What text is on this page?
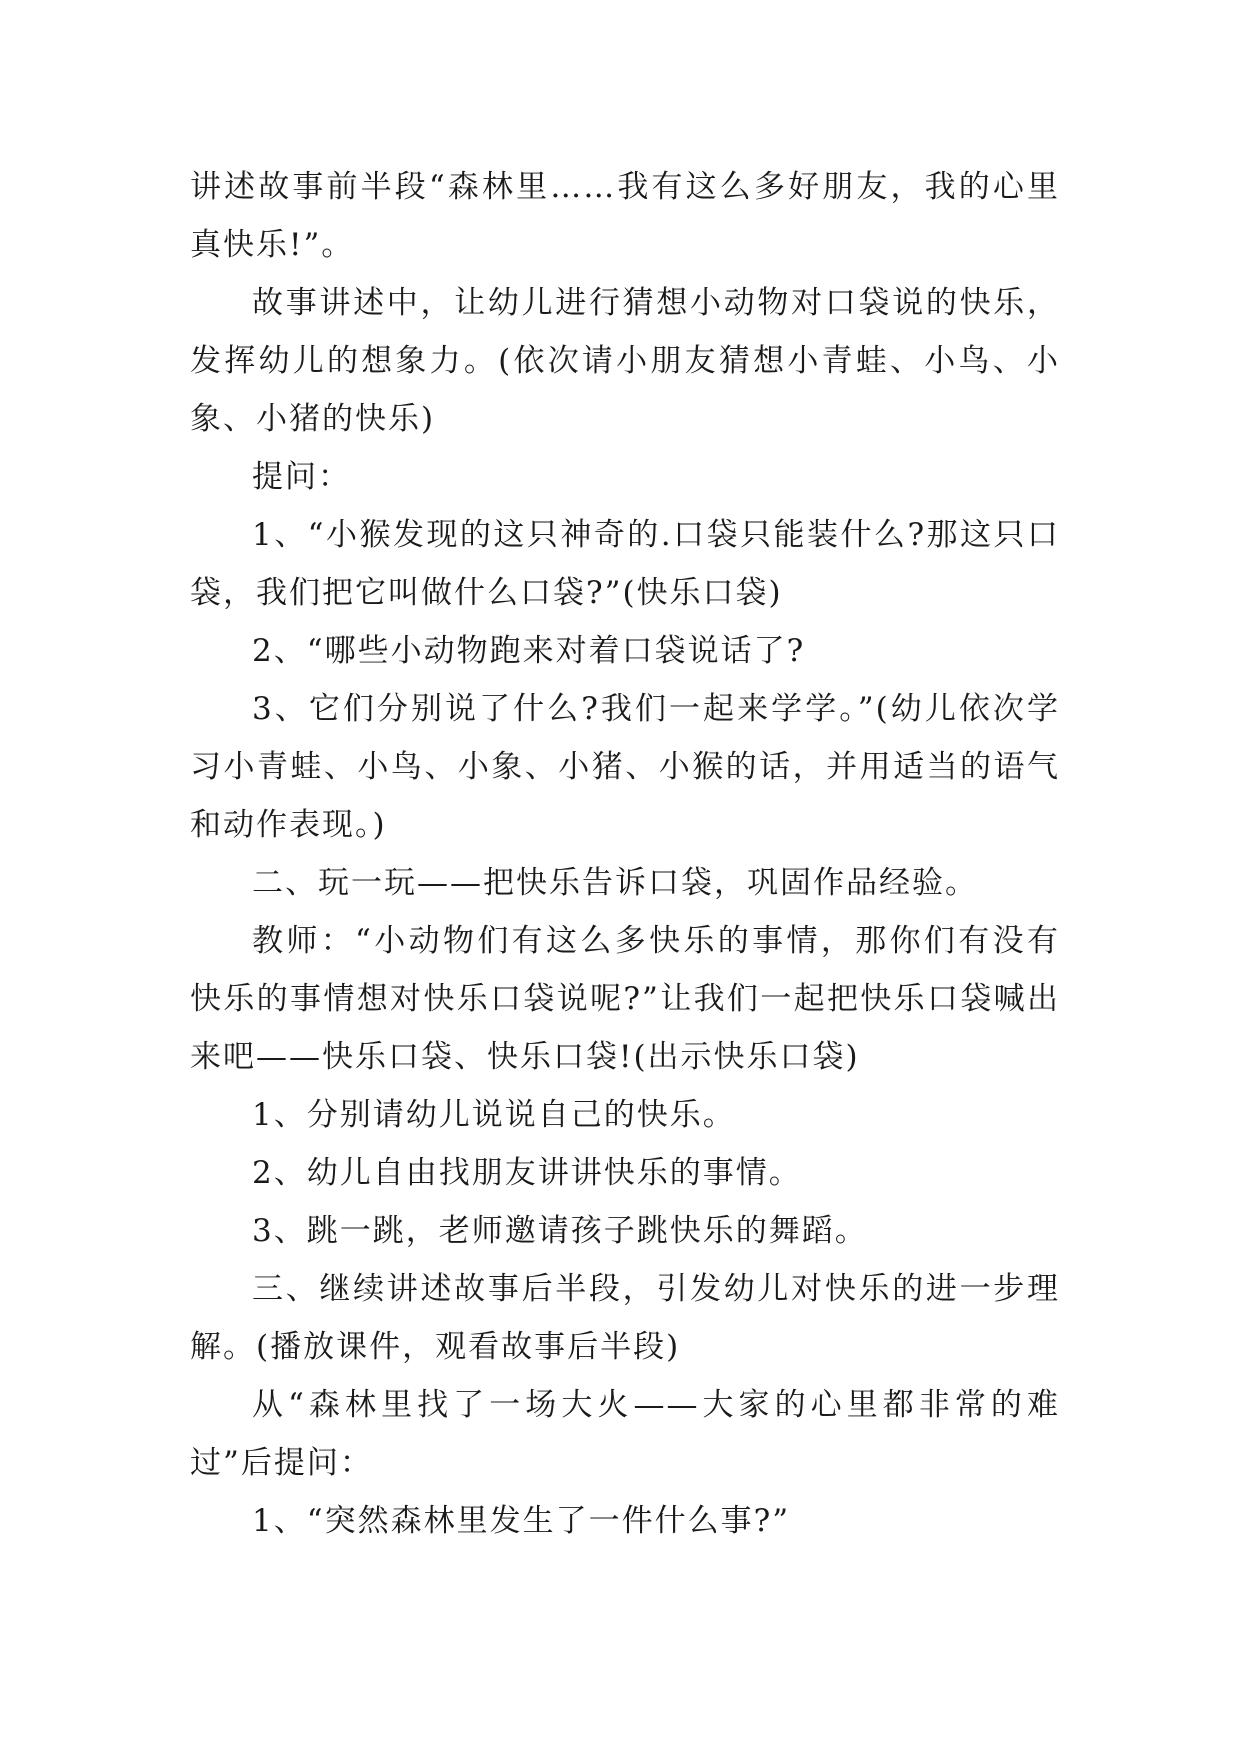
讲述故事前半段“森林里……我有这么多好朋友，我的心里真快乐!”。

故事讲述中，让幼儿进行猜想小动物对口袋说的快乐，发挥幼儿的想象力。(依次请小朋友猜想小青蛙、小鸟、小象、小猪的快乐)

提问：

1、“小猴发现的这只神奇的.口袋只能装什么?那这只口袋，我们把它叫做什么口袋?”(快乐口袋)

2、“哪些小动物跑来对着口袋说话了?

3、它们分别说了什么?我们一起来学学。”(幼儿依次学习小青蛙、小鸟、小象、小猪、小猴的话，并用适当的语气和动作表现。)

二、玩一玩——把快乐告诉口袋，巩固作品经验。

教师：“小动物们有这么多快乐的事情，那你们有没有快乐的事情想对快乐口袋说呢?”让我们一起把快乐口袋喊出来吧——快乐口袋、快乐口袋!(出示快乐口袋)

1、分别请幼儿说说自己的快乐。

2、幼儿自由找朋友讲讲快乐的事情。

3、跳一跳，老师邀请孩子跳快乐的舞蹈。

三、继续讲述故事后半段，引发幼儿对快乐的进一步理解。(播放课件，观看故事后半段)

从“森林里找了一场大火——大家的心里都非常的难过”后提问：

1、“突然森林里发生了一件什么事?”
